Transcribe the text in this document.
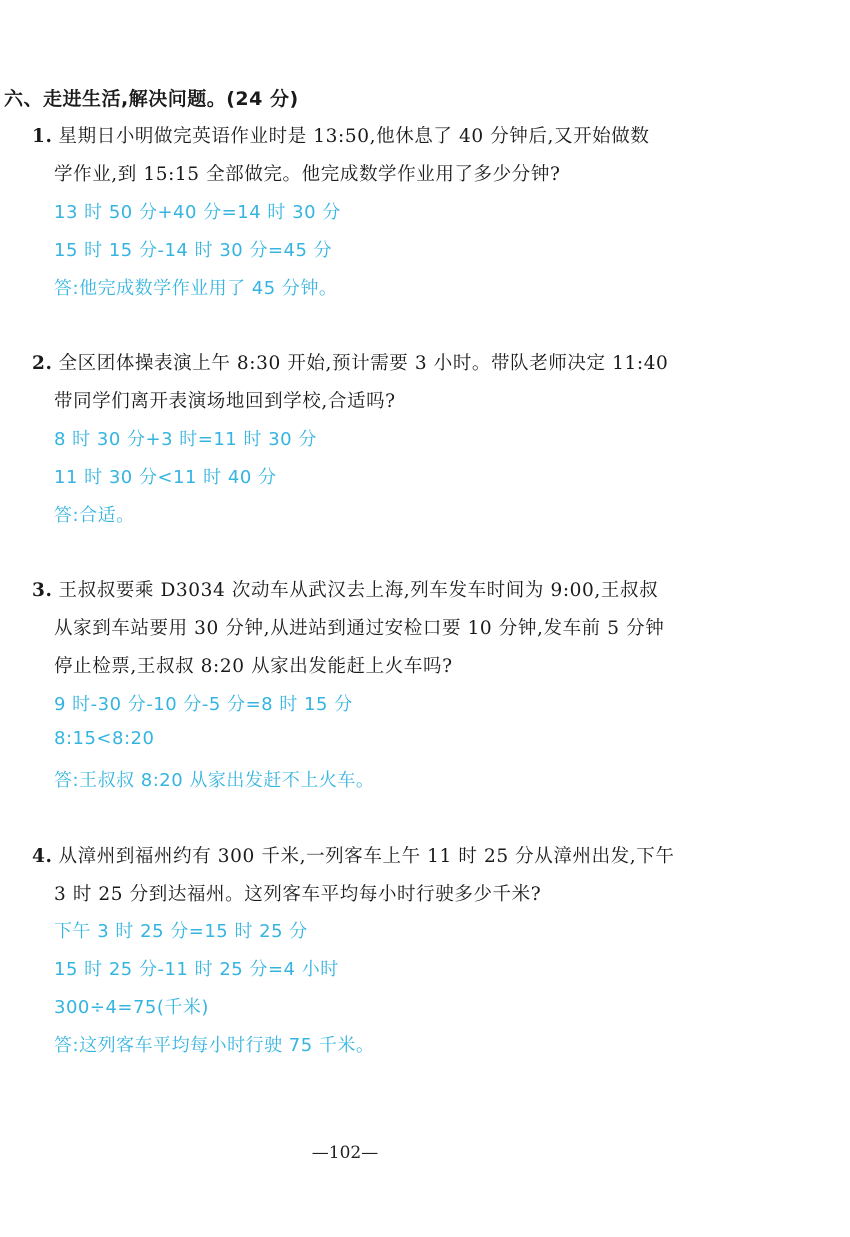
六、走进生活,解决问题。(24 分)
1. 星期日小明做完英语作业时是 13:50,他休息了 40 分钟后,又开始做数
学作业,到 15:15 全部做完。他完成数学作业用了多少分钟?
13 时 50 分+40 分=14 时 30 分
15 时 15 分-14 时 30 分=45 分
答:他完成数学作业用了 45 分钟。
2. 全区团体操表演上午 8:30 开始,预计需要 3 小时。带队老师决定 11:40
带同学们离开表演场地回到学校,合适吗?
8 时 30 分+3 时=11 时 30 分
11 时 30 分<11 时 40 分
答:合适。
3. 王叔叔要乘 D3034 次动车从武汉去上海,列车发车时间为 9:00,王叔叔
从家到车站要用 30 分钟,从进站到通过安检口要 10 分钟,发车前 5 分钟
停止检票,王叔叔 8:20 从家出发能赶上火车吗?
9 时-30 分-10 分-5 分=8 时 15 分
8:15<8:20
答:王叔叔 8:20 从家出发赶不上火车。
4. 从漳州到福州约有 300 千米,一列客车上午 11 时 25 分从漳州出发,下午
3 时 25 分到达福州。这列客车平均每小时行驶多少千米?
下午 3 时 25 分=15 时 25 分
15 时 25 分-11 时 25 分=4 小时
300÷4=75(千米)
答:这列客车平均每小时行驶 75 千米。
—102—
